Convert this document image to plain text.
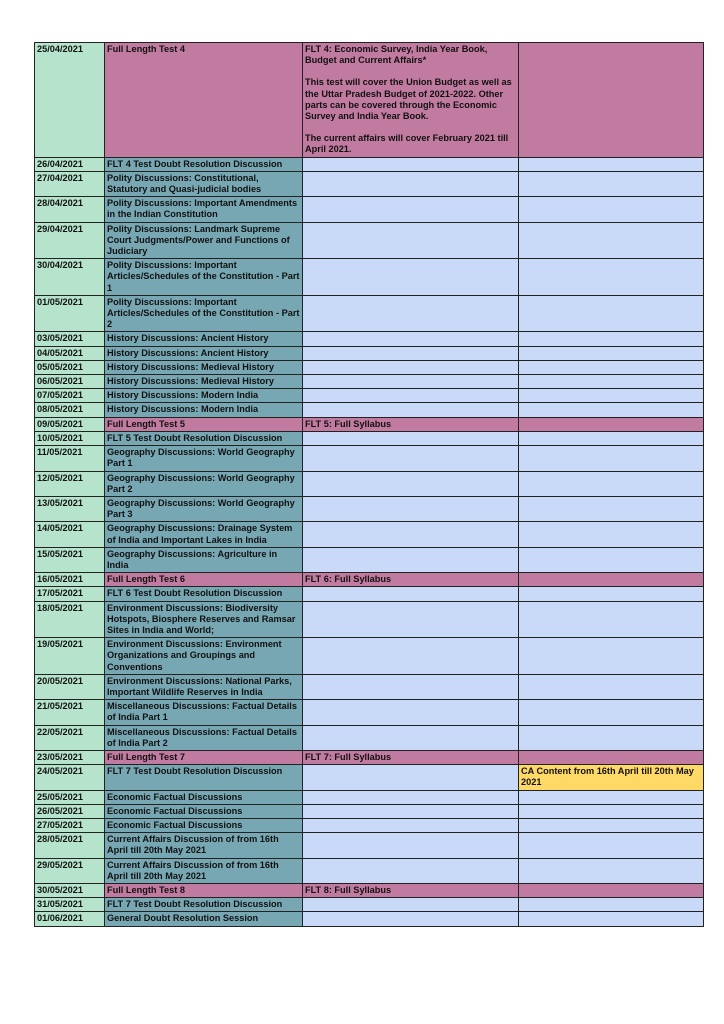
25/04/2021	Full Length Test 4	FLT 4: Economic Survey, India Year Book, Budget and Current Affairs*
This test will cover the Union Budget as well as the Uttar Pradesh Budget of 2021-2022. Other parts can be covered through the Economic Survey and India Year Book.
The current affairs will cover February 2021 till April 2021.	

26/04/2021	FLT 4 Test Doubt Resolution Discussion		
27/04/2021	Polity Discussions: Constitutional, Statutory and Quasi-judicial bodies		
28/04/2021	Polity Discussions: Important Amendments in the Indian Constitution		
29/04/2021	Polity Discussions: Landmark Supreme Court Judgments/Power and Functions of Judiciary		
30/04/2021	Polity Discussions: Important Articles/Schedules of the Constitution - Part 1		
01/05/2021	Polity Discussions: Important Articles/Schedules of the Constitution - Part 2		
03/05/2021	History Discussions: Ancient History		
04/05/2021	History Discussions: Ancient History		
05/05/2021	History Discussions: Medieval History		
06/05/2021	History Discussions: Medieval History		
07/05/2021	History Discussions: Modern India		
08/05/2021	History Discussions: Modern India		
09/05/2021	Full Length Test 5	FLT 5: Full Syllabus	

10/05/2021	FLT 5 Test Doubt Resolution Discussion		
11/05/2021	Geography Discussions: World Geography Part 1		
12/05/2021	Geography Discussions: World Geography Part 2		
13/05/2021	Geography Discussions: World Geography Part 3		
14/05/2021	Geography Discussions: Drainage System of India and Important Lakes in India		
15/05/2021	Geography Discussions: Agriculture in India		
16/05/2021	Full Length Test 6	FLT 6: Full Syllabus	

17/05/2021	FLT 6 Test Doubt Resolution Discussion		
18/05/2021	Environment Discussions: Biodiversity Hotspots, Biosphere Reserves and Ramsar Sites in India and World;		
19/05/2021	Environment Discussions: Environment Organizations and Groupings and Conventions		
20/05/2021	Environment Discussions: National Parks, Important Wildlife Reserves in India		
21/05/2021	Miscellaneous Discussions: Factual Details of India Part 1		
22/05/2021	Miscellaneous Discussions: Factual Details of India Part 2		
23/05/2021	Full Length Test 7	FLT 7: Full Syllabus	

24/05/2021	FLT 7 Test Doubt Resolution Discussion		CA Content from 16th April till 20th May 2021
25/05/2021	Economic Factual Discussions		
26/05/2021	Economic Factual Discussions		
27/05/2021	Economic Factual Discussions		
28/05/2021	Current Affairs Discussion of from 16th April till 20th May 2021		
29/05/2021	Current Affairs Discussion of from 16th April till 20th May 2021		
30/05/2021	Full Length Test 8	FLT 8: Full Syllabus	

31/05/2021	FLT 7 Test Doubt Resolution Discussion		
01/06/2021	General Doubt Resolution Session		
